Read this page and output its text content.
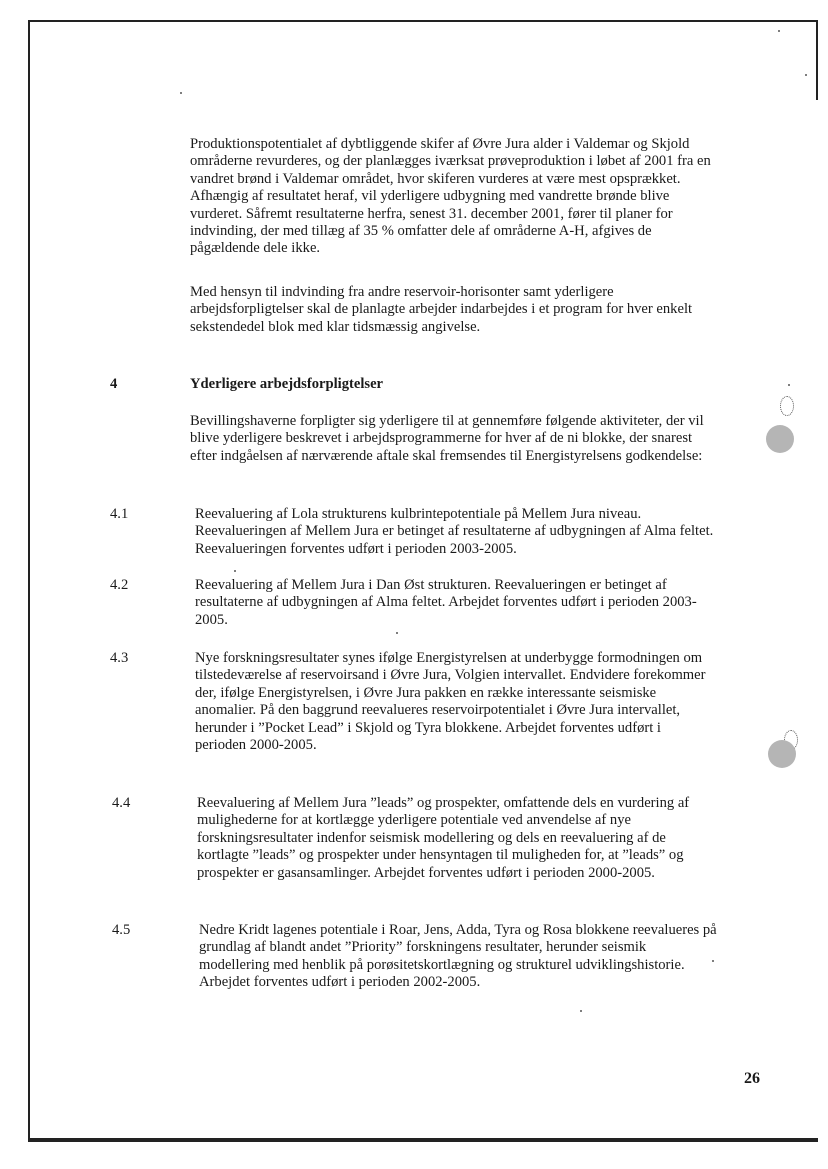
Produktionspotentialet af dybtliggende skifer af Øvre Jura alder i Valdemar og Skjold områderne revurderes, og der planlægges iværksat prøveproduktion i løbet af 2001 fra en vandret brønd i Valdemar området, hvor skiferen vurderes at være mest opsprækket. Afhængig af resultatet heraf, vil yderligere udbygning med vandrette brønde blive vurderet. Såfremt resultaterne herfra, senest 31. december 2001, fører til planer for indvinding, der med tillæg af 35 % omfatter dele af områderne A-H, afgives de pågældende dele ikke.

Med hensyn til indvinding fra andre reservoir-horisonter samt yderligere arbejdsforpligtelser skal de planlagte arbejder indarbejdes i et program for hver enkelt sekstendedel blok med klar tidsmæssig angivelse.

4	Yderligere arbejdsforpligtelser

Bevillingshaverne forpligter sig yderligere til at gennemføre følgende aktiviteter, der vil blive yderligere beskrevet i arbejdsprogrammerne for hver af de ni blokke, der snarest efter indgåelsen af nærværende aftale skal fremsendes til Energistyrelsens godkendelse:

4.1	Reevaluering af Lola strukturens kulbrintepotentiale på Mellem Jura niveau. Reevalueringen af Mellem Jura er betinget af resultaterne af udbygningen af Alma feltet. Reevalueringen forventes udført i perioden 2003-2005.

4.2	Reevaluering af Mellem Jura i Dan Øst strukturen. Reevalueringen er betinget af resultaterne af udbygningen af Alma feltet. Arbejdet forventes udført i perioden 2003-2005.

4.3	Nye forskningsresultater synes ifølge Energistyrelsen at underbygge formodningen om tilstedeværelse af reservoirsand i Øvre Jura, Volgien intervallet. Endvidere forekommer der, ifølge Energistyrelsen, i Øvre Jura pakken en række interessante seismiske anomalier. På den baggrund reevalueres reservoirpotentialet i Øvre Jura intervallet, herunder i ”Pocket Lead” i Skjold og Tyra blokkene. Arbejdet forventes udført i perioden 2000-2005.

4.4	Reevaluering af Mellem Jura ”leads” og prospekter, omfattende dels en vurdering af mulighederne for at kortlægge yderligere potentiale ved anvendelse af nye forskningsresultater indenfor seismisk modellering og dels en reevaluering af de kortlagte ”leads” og prospekter under hensyntagen til muligheden for, at ”leads” og prospekter er gasansamlinger. Arbejdet forventes udført i perioden 2000-2005.

4.5	Nedre Kridt lagenes potentiale i Roar, Jens, Adda, Tyra og Rosa blokkene reevalueres på grundlag af blandt andet ”Priority” forskningens resultater, herunder seismik modellering med henblik på porøsitetskortlægning og strukturel udviklingshistorie. Arbejdet forventes udført i perioden 2002-2005.

26
